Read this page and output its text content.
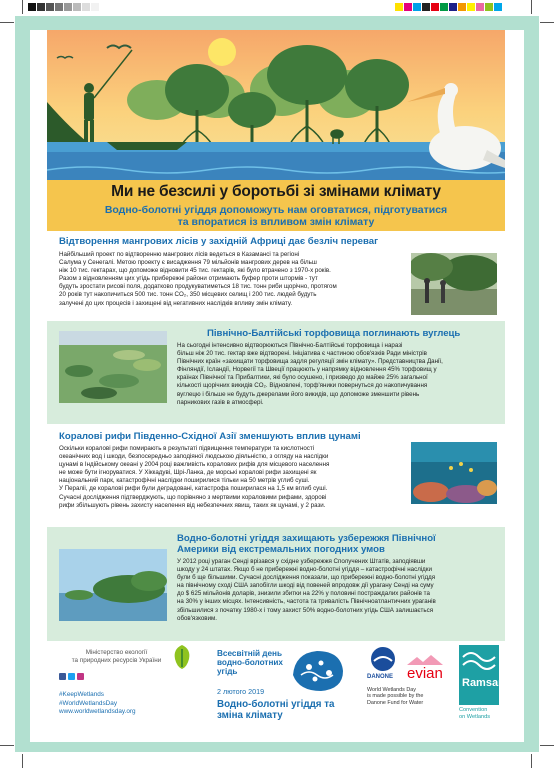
Ми не безсилі у боротьбі зі змінами клімату
Водно-болотні угіддя допоможуть нам оговтатися, підготуватися
та впоратися із впливом змін клімату
Відтворення мангрових лісів у західній Африці дає безліч переваг
Найбільший проект по відтворенню мангрових лісів ведеться в Казамансі та регіоні
Салума у Сенегалі. Метою проекту є висадження 79 мільйонів мангрових дерев на більш
ніж 10 тис. гектарах, що допоможе відновити 45 тис. гектарів, які було втрачено з 1970-х років.
Разом з відновленням цих угідь прибережні райони отримають буфер проти штормів - тут
будуть зростати рисові поля, додатково продукуватиметься 18 тис. тонн риби щорічно, протягом
20 років тут накопичиться 500 тис. тонн CO₂, 350 місцевих селищ і 200 тис. людей будуть
залучені до цих процесів і захищені від негативних наслідків впливу змін клімату.
Північно-Балтійські торфовища поглинають вуглець
На сьогодні інтенсивно відтворюються Північно-Балтійські торфовища і наразі
більш ніж 20 тис. гектар вже відтворені. Ініціатива є частиною обов'язків Ради міністрів
Північних країн «захищати торфовища задля регуляції змін клімату». Представництва Данії,
Фінляндії, Ісландії, Норвегії та Швеції працюють у напрямку відновлення 45% торфовищ у
країнах Північної та Прибалтики, які було осушено, і призведо до майже 25% загальної
кількості щорічних викидів CO₂. Відновлені, торф'яники повернуться до накопичування
вуглецю і більше не будуть джерелами його викидів, що допоможе зменшити рівень
парникових газів в атмосфері.
Коралові рифи Південно-Східної Азії зменшують вплив цунамі
Оскільки коралові рифи помирають в результаті підвищення температури та кислотності
океанічних вод і шкоди, безпосередньо заподіяної людською діяльністю, з огляду на наслідки
цунамі в Індійському океані у 2004 році важливість коралових рифів для місцевого населення
не може бути ігноруватися. У Хіккадуві, Шрі-Ланка, де морські коралові рифи захищені як
національний парк, катастрофічні наслідки поширилися тільки на 50 метрів углиб суші.
У Пераліі, де коралові рифи були деградовані, катастрофа поширилася на 1,5 км вглиб суші.
Сучасні дослідження підтверджують, що порівняно з мертвими кораловими рифами, здорові
рифи збільшують рівень захисту населення від небезпечних явищ, таких як цунамі, у 2 рази.
Водно-болотні угіддя захищають узбережжя Північної
Америки від екстремальних погодних умов
У 2012 році ураган Сенді врізався у східне узбережжя Сполучених Штатів, заподіявши
шкоду у 24 штатах. Якщо б не прибережні водно-болотні угіддя – катастрофічні наслідки
були б ще більшими. Сучасні дослідження показали, що прибережні водно-болотні угіддя
на північному сході США запобігли шкоді від повеней впродовж дії урагану Сенді на суму
до $ 625 мільйонів доларів, знизили збитки на 22% у половині постраждалих районів та
на 30% у інших місцях. Інтенсивність, частота та тривалість Північноатлантичних ураганів
збільшилися з початку 1980-х і тому захист 50% водно-болотних угідь США залишається
обов'язковим.
Міністерство екології
та природних ресурсів України
#KeepWetlands
#WorldWetlandsDay
www.worldwetlandsday.org
Всесвітній день
водно-болотних
угідь
2 лютого 2019
Водно-болотні угіддя та
зміна клімату
DANONE evian
World Wetlands Day
is made possible by the
Danone Fund for Water
Ramsar
Convention
on Wetlands
